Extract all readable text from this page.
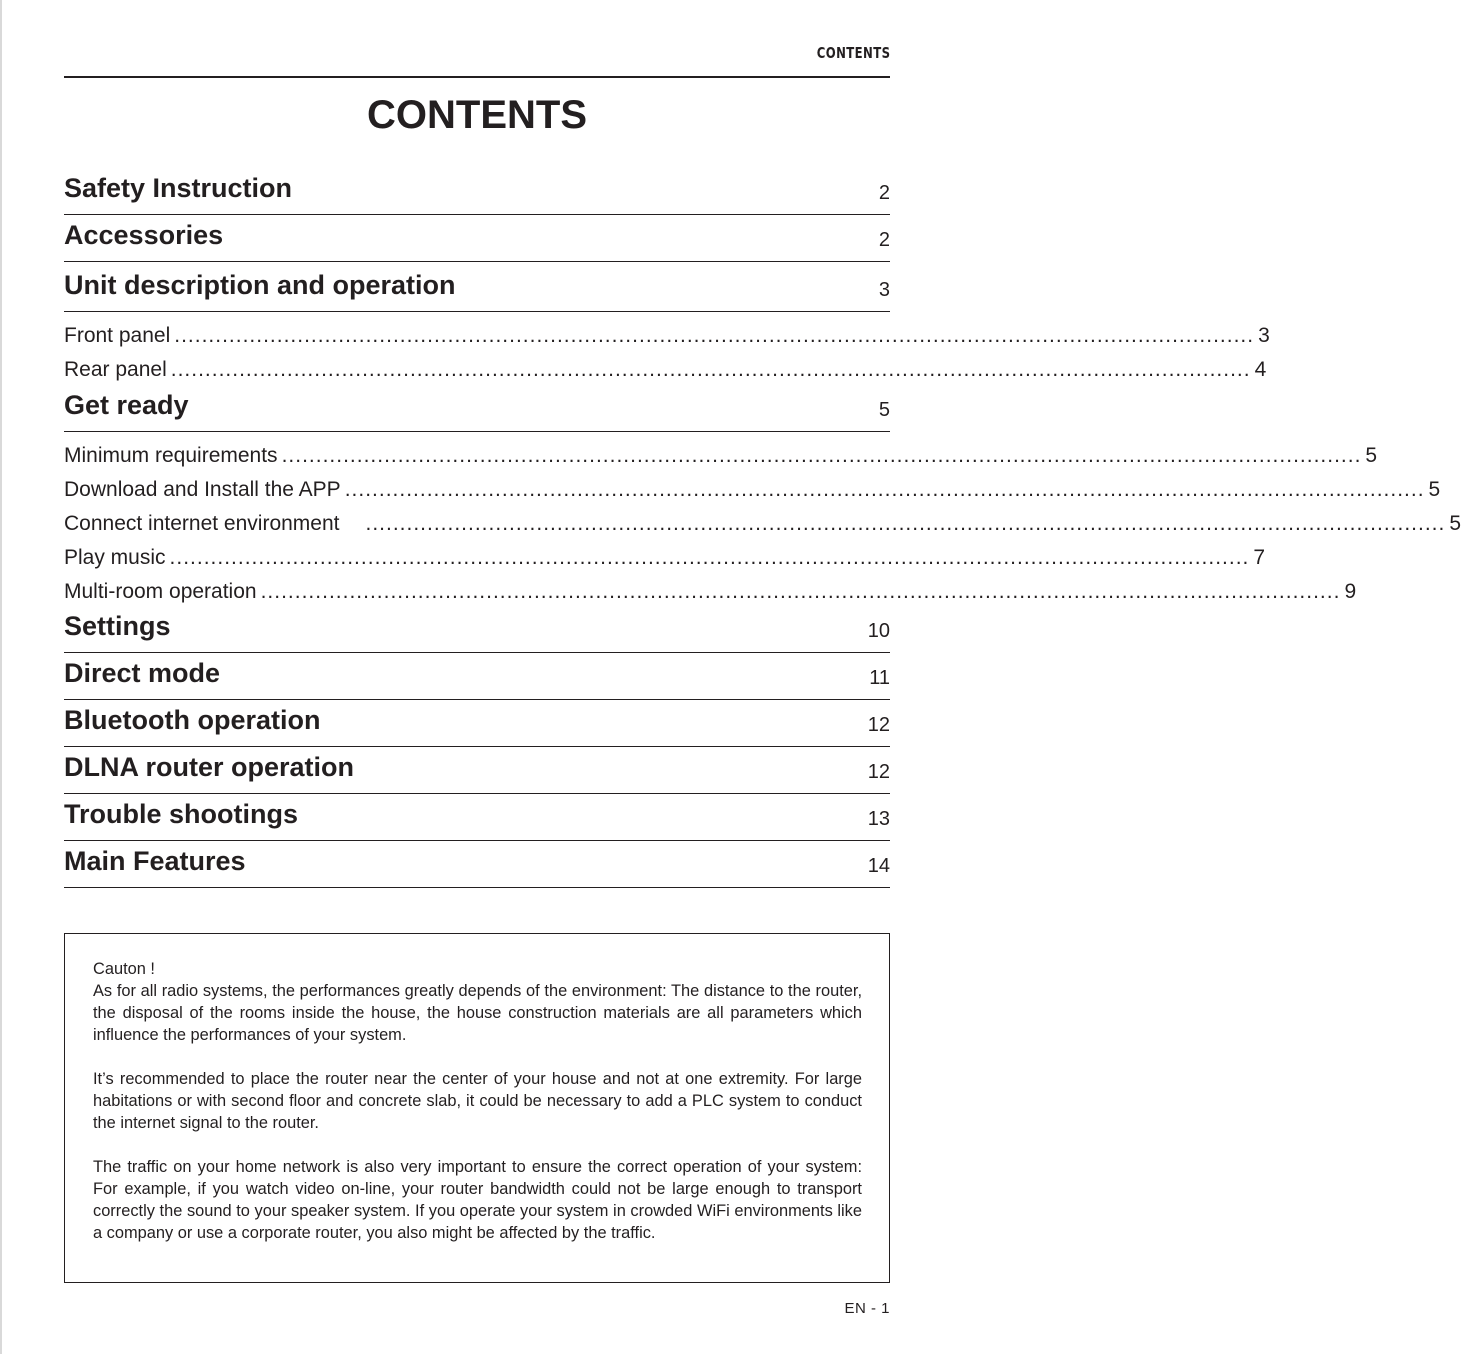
CONTENTS
CONTENTS
Safety Instruction	2
Accessories	2
Unit description and operation	3
Front panel .............................................................................................................................................................. 3
Rear panel .............................................................................................................................................................. 4
Get ready	5
Minimum requirements .............................................................................................................................................................. 5
Download and Install the APP .............................................................................................................................................................. 5
Connect internet environment .............................................................................................................................................................. 5
Play music .............................................................................................................................................................. 7
Multi-room operation .............................................................................................................................................................. 9
Settings	10
Direct mode	11
Bluetooth operation	12
DLNA router operation	12
Trouble shootings	13
Main Features	14
Cauton !

As for all radio systems, the performances greatly depends of the environment: The distance to the router, the disposal of the rooms inside the house, the house construction materials are all parameters which influence the performances of your system.

It’s recommended to place the router near the center of your house and not at one extremity. For large habitations or with second floor and concrete slab, it could be necessary to add a PLC system to conduct the internet signal to the router.

The traffic on your home network is also very important to ensure the correct operation of your system: For example, if you watch video on-line, your router bandwidth could not be large enough to transport correctly the sound to your speaker system. If you operate your system in crowded WiFi environments like a company or use a corporate router, you also might be affected by the traffic.

EN - 1
